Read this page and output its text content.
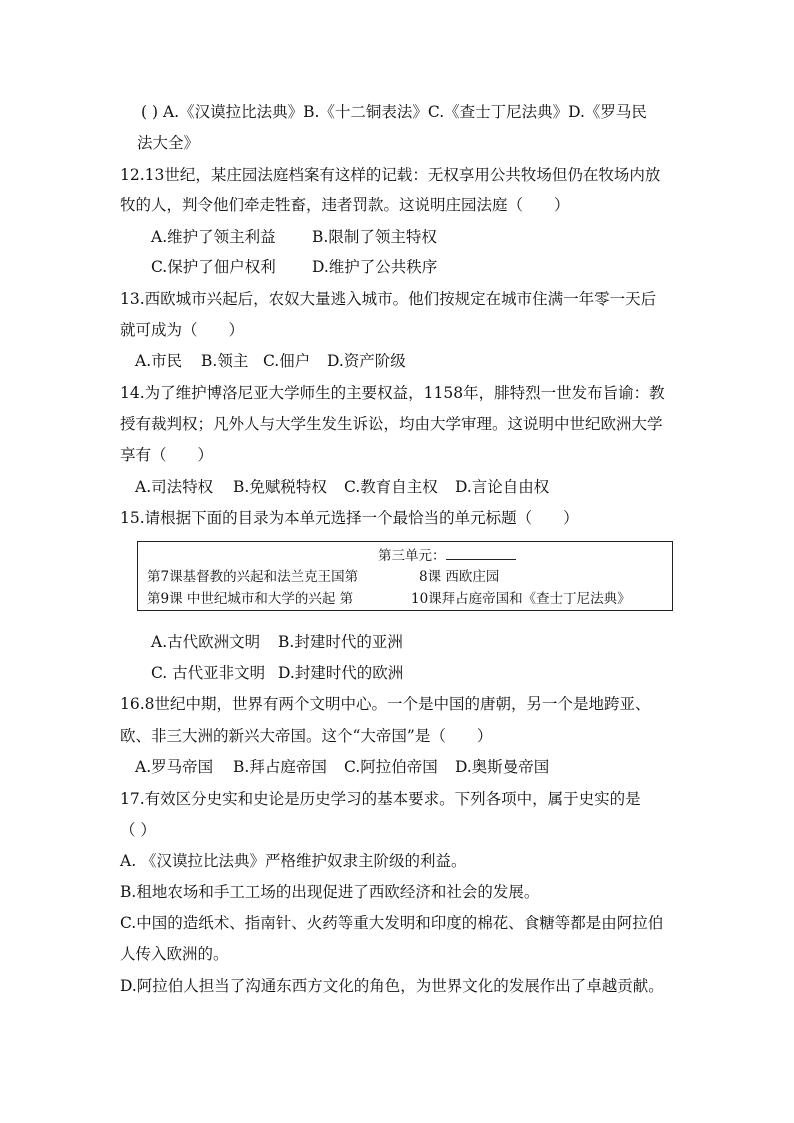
( ) A.《汉谟拉比法典》B.《十二铜表法》C.《查士丁尼法典》D.《罗马民
法大全》
12.13世纪，某庄园法庭档案有这样的记载：无权享用公共牧场但仍在牧场内放
牧的人，判令他们牵走牲畜，违者罚款。这说明庄园法庭（　　）
A.维护了领主利益 B.限制了领主特权
C.保护了佃户权利 D.维护了公共秩序
13.西欧城市兴起后，农奴大量逃入城市。他们按规定在城市住满一年零一天后
就可成为（　　）
A.市民 B.领主 C.佃户 D.资产阶级
14.为了维护博洛尼亚大学师生的主要权益，1158年，腓特烈一世发布旨谕：教
授有裁判权；凡外人与大学生发生诉讼，均由大学审理。这说明中世纪欧洲大学
享有（　　）
A.司法特权 B.免赋税特权 C.教育自主权 D.言论自由权
15.请根据下面的目录为本单元选择一个最恰当的单元标题（　　）
第三单元：
第7课基督教的兴起和法兰克王国第	8课 西欧庄园
第9课 中世纪城市和大学的兴起 第	10课拜占庭帝国和《查士丁尼法典》
A.古代欧洲文明 B.封建时代的亚洲
C. 古代亚非文明 D.封建时代的欧洲
16.8世纪中期，世界有两个文明中心。一个是中国的唐朝，另一个是地跨亚、
欧、非三大洲的新兴大帝国。这个“大帝国”是（　　）
A.罗马帝国 B.拜占庭帝国 C.阿拉伯帝国 D.奥斯曼帝国
17.有效区分史实和史论是历史学习的基本要求。下列各项中，属于史实的是
（ ）
A. 《汉谟拉比法典》严格维护奴隶主阶级的利益。
B.租地农场和手工工场的出现促进了西欧经济和社会的发展。
C.中国的造纸术、指南针、火药等重大发明和印度的棉花、食糖等都是由阿拉伯
人传入欧洲的。
D.阿拉伯人担当了沟通东西方文化的角色，为世界文化的发展作出了卓越贡献。
